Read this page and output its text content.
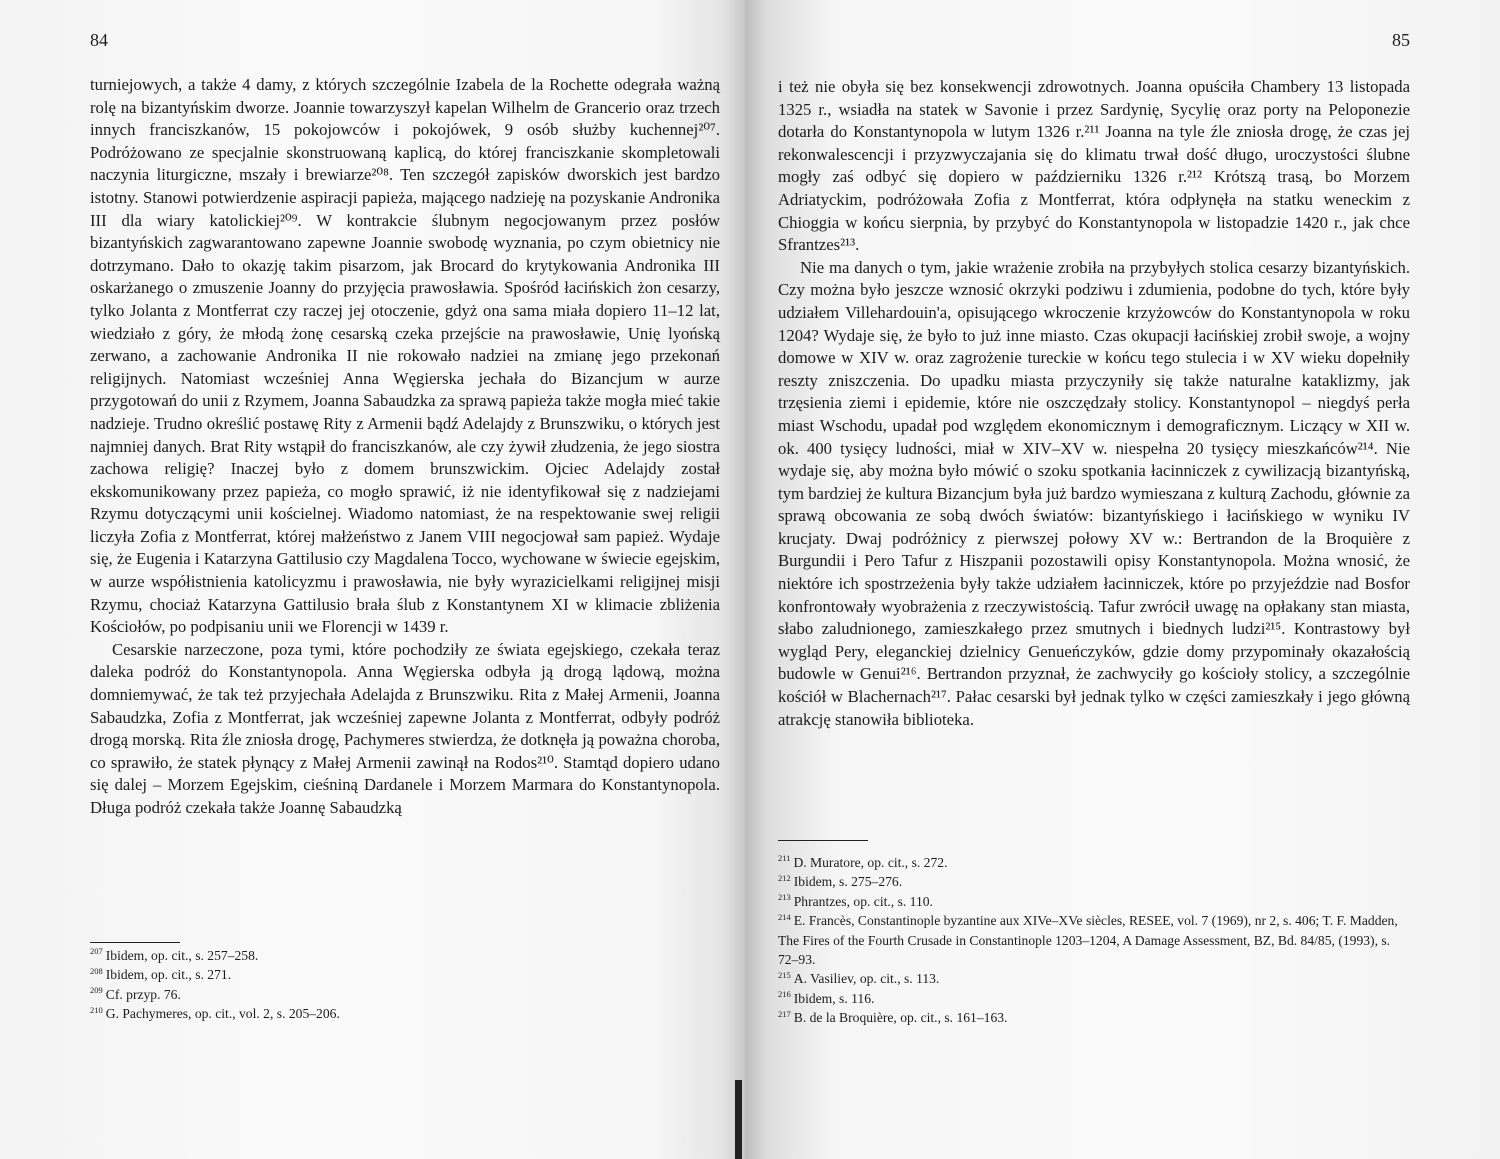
84

turniejowych, a także 4 damy, z których szczególnie Izabela de la Rochette odegrała ważną rolę na bizantyńskim dworze. Joannie towarzyszył kapelan Wilhelm de Grancerio oraz trzech innych franciszkanów, 15 pokojowców i pokojówek, 9 osób służby kuchennej²⁰⁷. Podróżowano ze specjalnie skonstruowaną kaplicą, do której franciszkanie skompletowali naczynia liturgiczne, mszały i brewiarze²⁰⁸. Ten szczegół zapisków dworskich jest bardzo istotny. Stanowi potwierdzenie aspiracji papieża, mającego nadzieję na pozyskanie Andronika III dla wiary katolickiej²⁰⁹. W kontrakcie ślubnym negocjowanym przez posłów bizantyńskich zagwarantowano zapewne Joannie swobodę wyznania, po czym obietnicy nie dotrzymano. Dało to okazję takim pisarzom, jak Brocard do krytykowania Andronika III oskarżanego o zmuszenie Joanny do przyjęcia prawosławia. Spośród łacińskich żon cesarzy, tylko Jolanta z Montferrat czy raczej jej otoczenie, gdyż ona sama miała dopiero 11–12 lat, wiedziało z góry, że młodą żonę cesarską czeka przejście na prawosławie, Unię lyońską zerwano, a zachowanie Andronika II nie rokowało nadziei na zmianę jego przekonań religijnych. Natomiast wcześniej Anna Węgierska jechała do Bizancjum w aurze przygotowań do unii z Rzymem, Joanna Sabaudzka za sprawą papieża także mogła mieć takie nadzieje. Trudno określić postawę Rity z Armenii bądź Adelajdy z Brunszwiku, o których jest najmniej danych. Brat Rity wstąpił do franciszkanów, ale czy żywił złudzenia, że jego siostra zachowa religię? Inaczej było z domem brunszwickim. Ojciec Adelajdy został ekskomunikowany przez papieża, co mogło sprawić, iż nie identyfikował się z nadziejami Rzymu dotyczącymi unii kościelnej. Wiadomo natomiast, że na respektowanie swej religii liczyła Zofia z Montferrat, której małżeństwo z Janem VIII negocjował sam papież. Wydaje się, że Eugenia i Katarzyna Gattilusio czy Magdalena Tocco, wychowane w świecie egejskim, w aurze współistnienia katolicyzmu i prawosławia, nie były wyrazicielkami religijnej misji Rzymu, chociaż Katarzyna Gattilusio brała ślub z Konstantynem XI w klimacie zbliżenia Kościołów, po podpisaniu unii we Florencji w 1439 r.

Cesarskie narzeczone, poza tymi, które pochodziły ze świata egejskiego, czekała teraz daleka podróż do Konstantynopola. Anna Węgierska odbyła ją drogą lądową, można domniemywać, że tak też przyjechała Adelajda z Brunszwiku. Rita z Małej Armenii, Joanna Sabaudzka, Zofia z Montferrat, jak wcześniej zapewne Jolanta z Montferrat, odbyły podróż drogą morską. Rita źle zniosła drogę, Pachymeres stwierdza, że dotknęła ją poważna choroba, co sprawiło, że statek płynący z Małej Armenii zawinął na Rodos²¹⁰. Stamtąd dopiero udano się dalej – Morzem Egejskim, cieśniną Dardanele i Morzem Marmara do Konstantynopola. Długa podróż czekała także Joannę Sabaudzką

$^{207}$ Ibidem, op. cit., s. 257–258.
$^{208}$ Ibidem, op. cit., s. 271.
$^{209}$ Cf. przyp. 76.
$^{210}$ G. Pachymeres, op. cit., vol. 2, s. 205–206.
85

i też nie obyła się bez konsekwencji zdrowotnych. Joanna opuściła Chambery 13 listopada 1325 r., wsiadła na statek w Savonie i przez Sardynię, Sycylię oraz porty na Peloponezie dotarła do Konstantynopola w lutym 1326 r.²¹¹ Joanna na tyle źle zniosła drogę, że czas jej rekonwalescencji i przyzwyczajania się do klimatu trwał dość długo, uroczystości ślubne mogły zaś odbyć się dopiero w październiku 1326 r.²¹² Krótszą trasą, bo Morzem Adriatyckim, podróżowała Zofia z Montferrat, która odpłynęła na statku weneckim z Chioggia w końcu sierpnia, by przybyć do Konstantynopola w listopadzie 1420 r., jak chce Sfrantzes²¹³.

Nie ma danych o tym, jakie wrażenie zrobiła na przybyłych stolica cesarzy bizantyńskich. Czy można było jeszcze wznosić okrzyki podziwu i zdumienia, podobne do tych, które były udziałem Villehardouin'a, opisującego wkroczenie krzyżowców do Konstantynopola w roku 1204? Wydaje się, że było to już inne miasto. Czas okupacji łacińskiej zrobił swoje, a wojny domowe w XIV w. oraz zagrożenie tureckie w końcu tego stulecia i w XV wieku dopełniły reszty zniszczenia. Do upadku miasta przyczyniły się także naturalne kataklizmy, jak trzęsienia ziemi i epidemie, które nie oszczędzały stolicy. Konstantynopol – niegdyś perła miast Wschodu, upadał pod względem ekonomicznym i demograficznym. Liczący w XII w. ok. 400 tysięcy ludności, miał w XIV–XV w. niespełna 20 tysięcy mieszkańców²¹⁴. Nie wydaje się, aby można było mówić o szoku spotkania łacinniczek z cywilizacją bizantyńską, tym bardziej że kultura Bizancjum była już bardzo wymieszana z kulturą Zachodu, głównie za sprawą obcowania ze sobą dwóch światów: bizantyńskiego i łacińskiego w wyniku IV krucjaty. Dwaj podróżnicy z pierwszej połowy XV w.: Bertrandon de la Broquière z Burgundii i Pero Tafur z Hiszpanii pozostawili opisy Konstantynopola. Można wnosić, że niektóre ich spostrzeżenia były także udziałem łacinniczek, które po przyjeździe nad Bosfor konfrontowały wyobrażenia z rzeczywistością. Tafur zwrócił uwagę na opłakany stan miasta, słabo zaludnionego, zamieszkałego przez smutnych i biednych ludzi²¹⁵. Kontrastowy był wygląd Pery, eleganckiej dzielnicy Genueńczyków, gdzie domy przypominały okazałością budowle w Genui²¹⁶. Bertrandon przyznał, że zachwyciły go kościoły stolicy, a szczególnie kościół w Blachernach²¹⁷. Pałac cesarski był jednak tylko w części zamieszkały i jego główną atrakcję stanowiła biblioteka.

$^{211}$ D. Muratore, op. cit., s. 272.
$^{212}$ Ibidem, s. 275–276.
$^{213}$ Phrantzes, op. cit., s. 110.
$^{214}$ E. Francès, Constantinople byzantine aux XIVe–XVe siècles, RESEE, vol. 7 (1969), nr 2, s. 406; T. F. Madden, The Fires of the Fourth Crusade in Constantinople 1203–1204, A Damage Assessment, BZ, Bd. 84/85, (1993), s. 72–93.
$^{215}$ A. Vasiliev, op. cit., s. 113.
$^{216}$ Ibidem, s. 116.
$^{217}$ B. de la Broquière, op. cit., s. 161–163.
